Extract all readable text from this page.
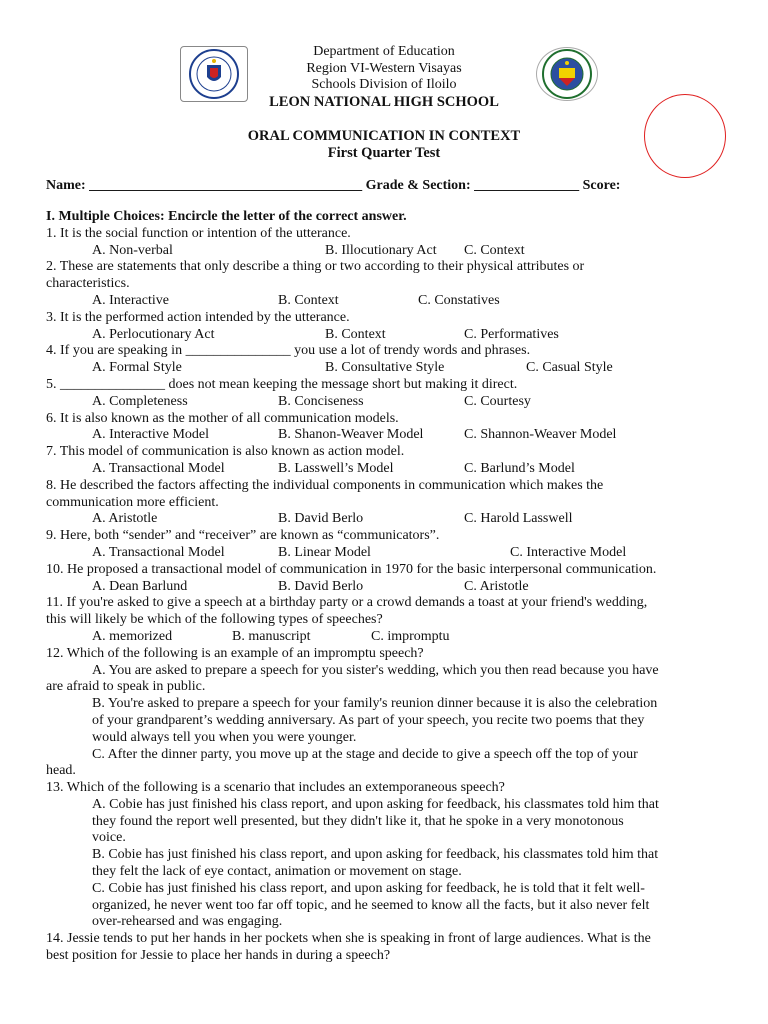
Department of Education
Region VI-Western Visayas
Schools Division of Iloilo
LEON NATIONAL HIGH SCHOOL
ORAL COMMUNICATION IN CONTEXT
First Quarter Test
Name: _______________________________________ Grade & Section: _______________ Score:
I. Multiple Choices: Encircle the letter of the correct answer.
1. It is the social function or intention of the utterance.
A. Non-verbal	B. Illocutionary Act C. Context
2. These are statements that only describe a thing or two according to their physical attributes or
characteristics.
A. Interactive	B. Context	C. Constatives
3. It is the performed action intended by the utterance.
A. Perlocutionary Act	B. Context	C. Performatives
4. If you are speaking in _______________ you use a lot of trendy words and phrases.
A. Formal Style	B. Consultative Style	C. Casual Style
5. _______________ does not mean keeping the message short but making it direct.
A. Completeness	B. Conciseness	C. Courtesy
6. It is also known as the mother of all communication models.
A. Interactive Model	B. Shanon-Weaver Model	C. Shannon-Weaver Model
7. This model of communication is also known as action model.
A. Transactional Model	B. Lasswell’s Model	C. Barlund’s Model
8. He described the factors affecting the individual components in communication which makes the
communication more efficient.
A. Aristotle	B. David Berlo	C. Harold Lasswell
9. Here, both “sender” and “receiver” are known as “communicators”.
A. Transactional Model	B. Linear Model	C. Interactive Model
10. He proposed a transactional model of communication in 1970 for the basic interpersonal communication.
A. Dean Barlund	B. David Berlo	C. Aristotle
11. If you're asked to give a speech at a birthday party or a crowd demands a toast at your friend's wedding,
this will likely be which of the following types of speeches?
A. memorized	B. manuscript	C. impromptu
12. Which of the following is an example of an impromptu speech?
A. You are asked to prepare a speech for you sister's wedding, which you then read because you have
are afraid to speak in public.
B. You're asked to prepare a speech for your family's reunion dinner because it is also the celebration
of your grandparent’s wedding anniversary. As part of your speech, you recite two poems that they
would always tell you when you were younger.
C. After the dinner party, you move up at the stage and decide to give a speech off the top of your
head.
13. Which of the following is a scenario that includes an extemporaneous speech?
A. Cobie has just finished his class report, and upon asking for feedback, his classmates told him that
they found the report well presented, but they didn't like it, that he spoke in a very monotonous
voice.
B. Cobie has just finished his class report, and upon asking for feedback, his classmates told him that
they felt the lack of eye contact, animation or movement on stage.
C. Cobie has just finished his class report, and upon asking for feedback, he is told that it felt well-
organized, he never went too far off topic, and he seemed to know all the facts, but it also never felt
over-rehearsed and was engaging.
14. Jessie tends to put her hands in her pockets when she is speaking in front of large audiences. What is the
best position for Jessie to place her hands in during a speech?
